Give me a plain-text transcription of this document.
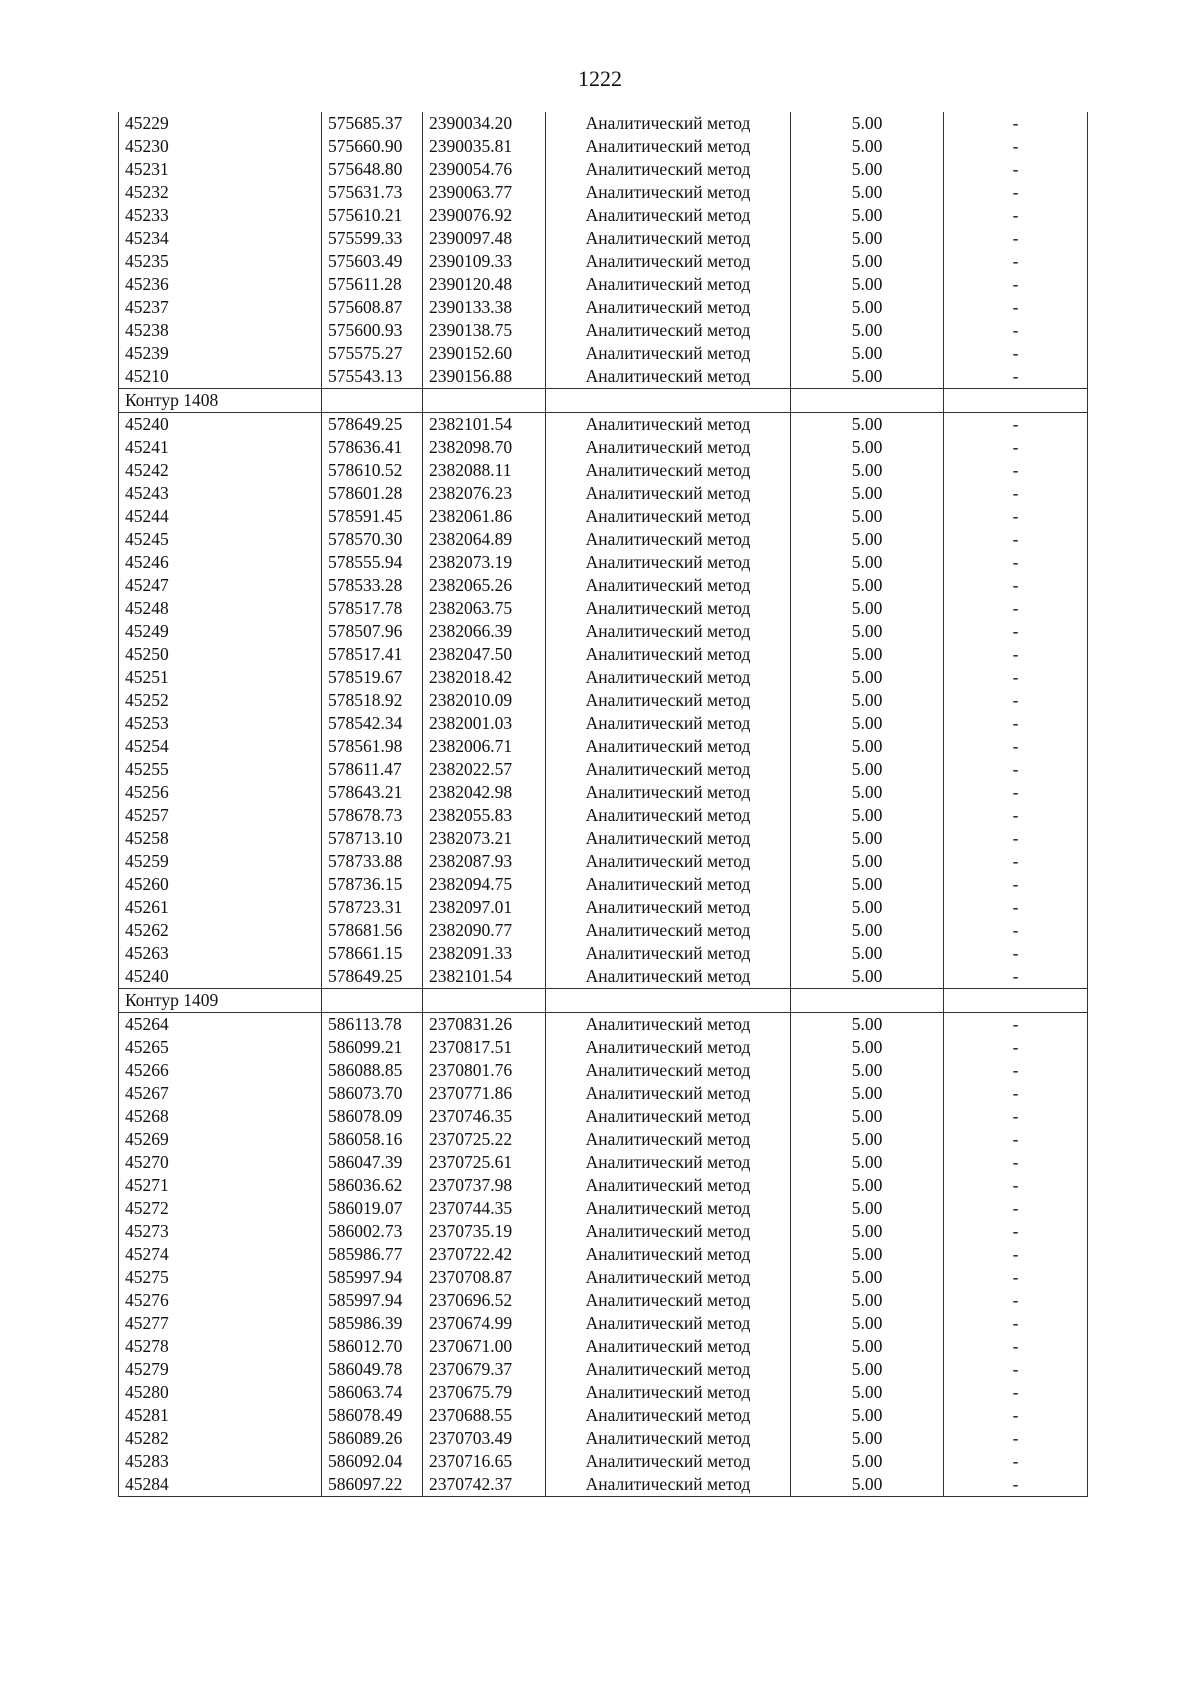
1222
45229	575685.37	2390034.20	Аналитический метод	5.00	-
45230	575660.90	2390035.81	Аналитический метод	5.00	-
45231	575648.80	2390054.76	Аналитический метод	5.00	-
45232	575631.73	2390063.77	Аналитический метод	5.00	-
45233	575610.21	2390076.92	Аналитический метод	5.00	-
45234	575599.33	2390097.48	Аналитический метод	5.00	-
45235	575603.49	2390109.33	Аналитический метод	5.00	-
45236	575611.28	2390120.48	Аналитический метод	5.00	-
45237	575608.87	2390133.38	Аналитический метод	5.00	-
45238	575600.93	2390138.75	Аналитический метод	5.00	-
45239	575575.27	2390152.60	Аналитический метод	5.00	-
45210	575543.13	2390156.88	Аналитический метод	5.00	-
Контур 1408					
45240	578649.25	2382101.54	Аналитический метод	5.00	-
45241	578636.41	2382098.70	Аналитический метод	5.00	-
45242	578610.52	2382088.11	Аналитический метод	5.00	-
45243	578601.28	2382076.23	Аналитический метод	5.00	-
45244	578591.45	2382061.86	Аналитический метод	5.00	-
45245	578570.30	2382064.89	Аналитический метод	5.00	-
45246	578555.94	2382073.19	Аналитический метод	5.00	-
45247	578533.28	2382065.26	Аналитический метод	5.00	-
45248	578517.78	2382063.75	Аналитический метод	5.00	-
45249	578507.96	2382066.39	Аналитический метод	5.00	-
45250	578517.41	2382047.50	Аналитический метод	5.00	-
45251	578519.67	2382018.42	Аналитический метод	5.00	-
45252	578518.92	2382010.09	Аналитический метод	5.00	-
45253	578542.34	2382001.03	Аналитический метод	5.00	-
45254	578561.98	2382006.71	Аналитический метод	5.00	-
45255	578611.47	2382022.57	Аналитический метод	5.00	-
45256	578643.21	2382042.98	Аналитический метод	5.00	-
45257	578678.73	2382055.83	Аналитический метод	5.00	-
45258	578713.10	2382073.21	Аналитический метод	5.00	-
45259	578733.88	2382087.93	Аналитический метод	5.00	-
45260	578736.15	2382094.75	Аналитический метод	5.00	-
45261	578723.31	2382097.01	Аналитический метод	5.00	-
45262	578681.56	2382090.77	Аналитический метод	5.00	-
45263	578661.15	2382091.33	Аналитический метод	5.00	-
45240	578649.25	2382101.54	Аналитический метод	5.00	-
Контур 1409					
45264	586113.78	2370831.26	Аналитический метод	5.00	-
45265	586099.21	2370817.51	Аналитический метод	5.00	-
45266	586088.85	2370801.76	Аналитический метод	5.00	-
45267	586073.70	2370771.86	Аналитический метод	5.00	-
45268	586078.09	2370746.35	Аналитический метод	5.00	-
45269	586058.16	2370725.22	Аналитический метод	5.00	-
45270	586047.39	2370725.61	Аналитический метод	5.00	-
45271	586036.62	2370737.98	Аналитический метод	5.00	-
45272	586019.07	2370744.35	Аналитический метод	5.00	-
45273	586002.73	2370735.19	Аналитический метод	5.00	-
45274	585986.77	2370722.42	Аналитический метод	5.00	-
45275	585997.94	2370708.87	Аналитический метод	5.00	-
45276	585997.94	2370696.52	Аналитический метод	5.00	-
45277	585986.39	2370674.99	Аналитический метод	5.00	-
45278	586012.70	2370671.00	Аналитический метод	5.00	-
45279	586049.78	2370679.37	Аналитический метод	5.00	-
45280	586063.74	2370675.79	Аналитический метод	5.00	-
45281	586078.49	2370688.55	Аналитический метод	5.00	-
45282	586089.26	2370703.49	Аналитический метод	5.00	-
45283	586092.04	2370716.65	Аналитический метод	5.00	-
45284	586097.22	2370742.37	Аналитический метод	5.00	-
